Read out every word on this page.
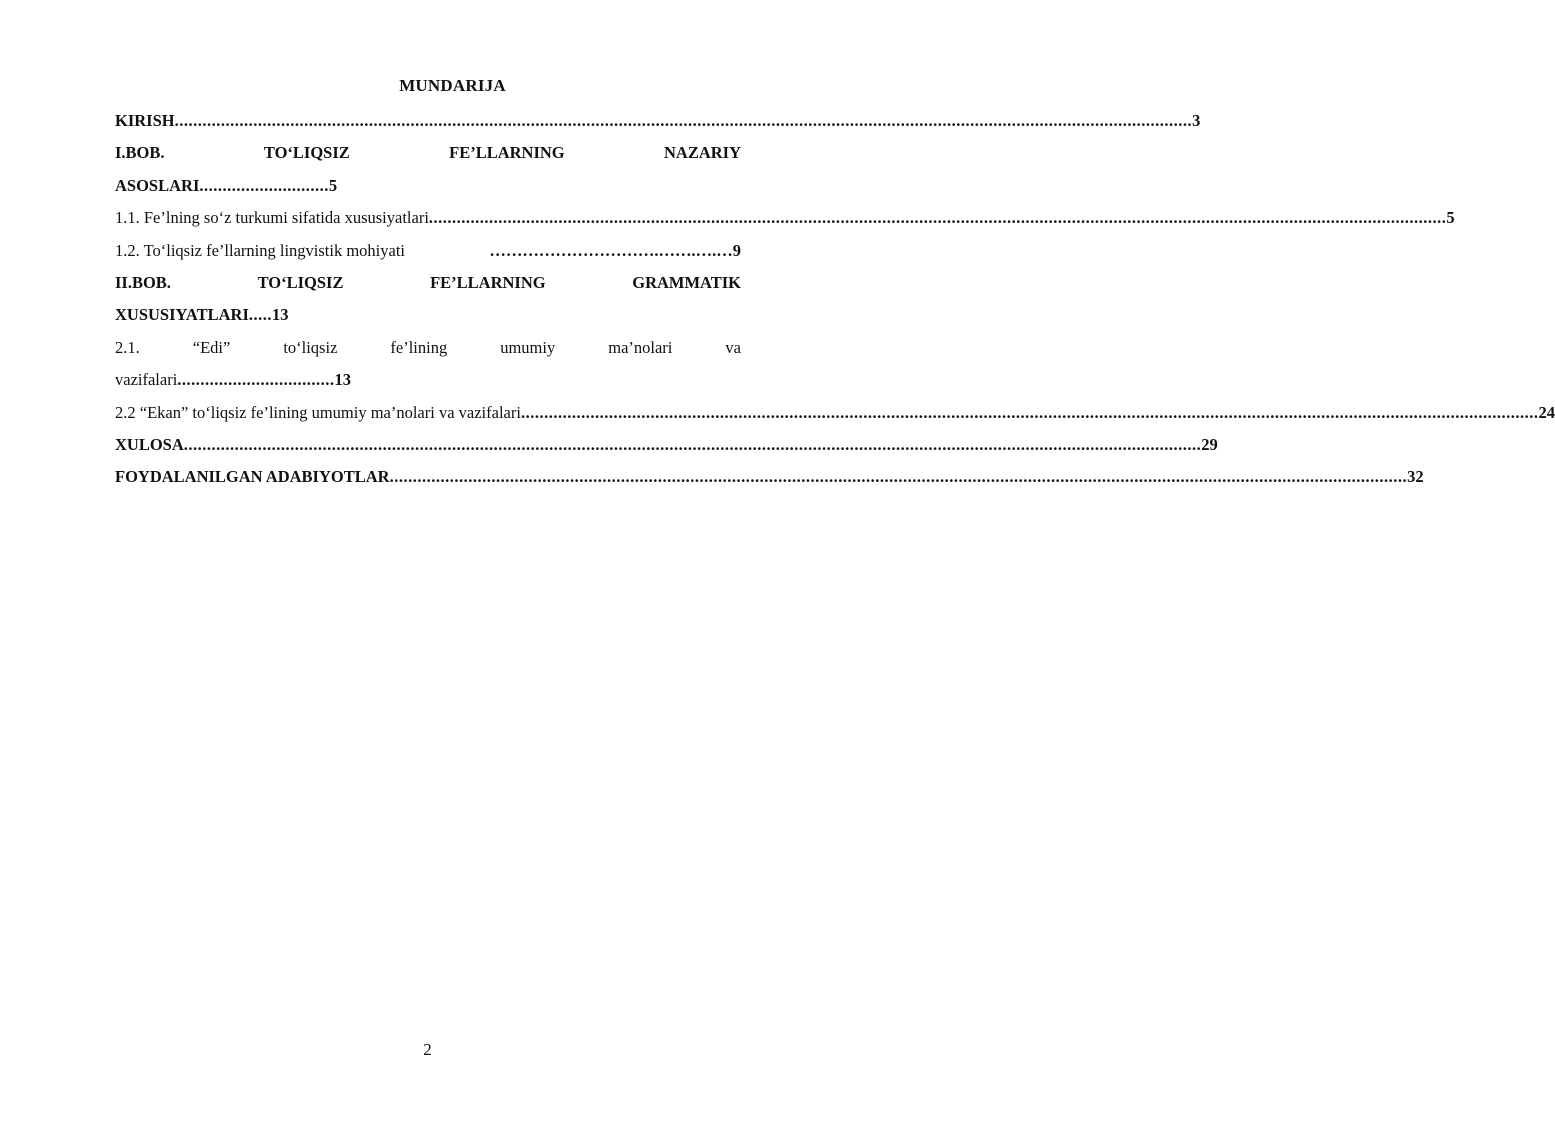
MUNDARIJA
KIRISH ............................................................................................................................................................................................................................ 3
I.BOB.	TO‘LIQSIZ	FE’LLARNING	NAZARIY
ASOSLARI............................5
1.1. Fe’lning so‘z turkumi sifatida xususiyatlari ............................................................................................................................................................................................................................ 5
1.2. To‘liqsiz fe’llarning lingvistik mohiyati	………………………….…….….… 9
II.BOB.	TO‘LIQSIZ	FE’LLARNING	GRAMMATIK
XUSUSIYATLARI.....13
2.1.	“Edi”	to‘liqsiz	fe’lining	umumiy	ma’nolari	va
vazifalari..................................13
2.2 “Ekan” to‘liqsiz fe’lining umumiy ma’nolari va vazifalari ............................................................................................................................................................................................................................ 24
XULOSA ............................................................................................................................................................................................................................ 29
FOYDALANILGAN ADABIYOTLAR ............................................................................................................................................................................................................................ 32
2
